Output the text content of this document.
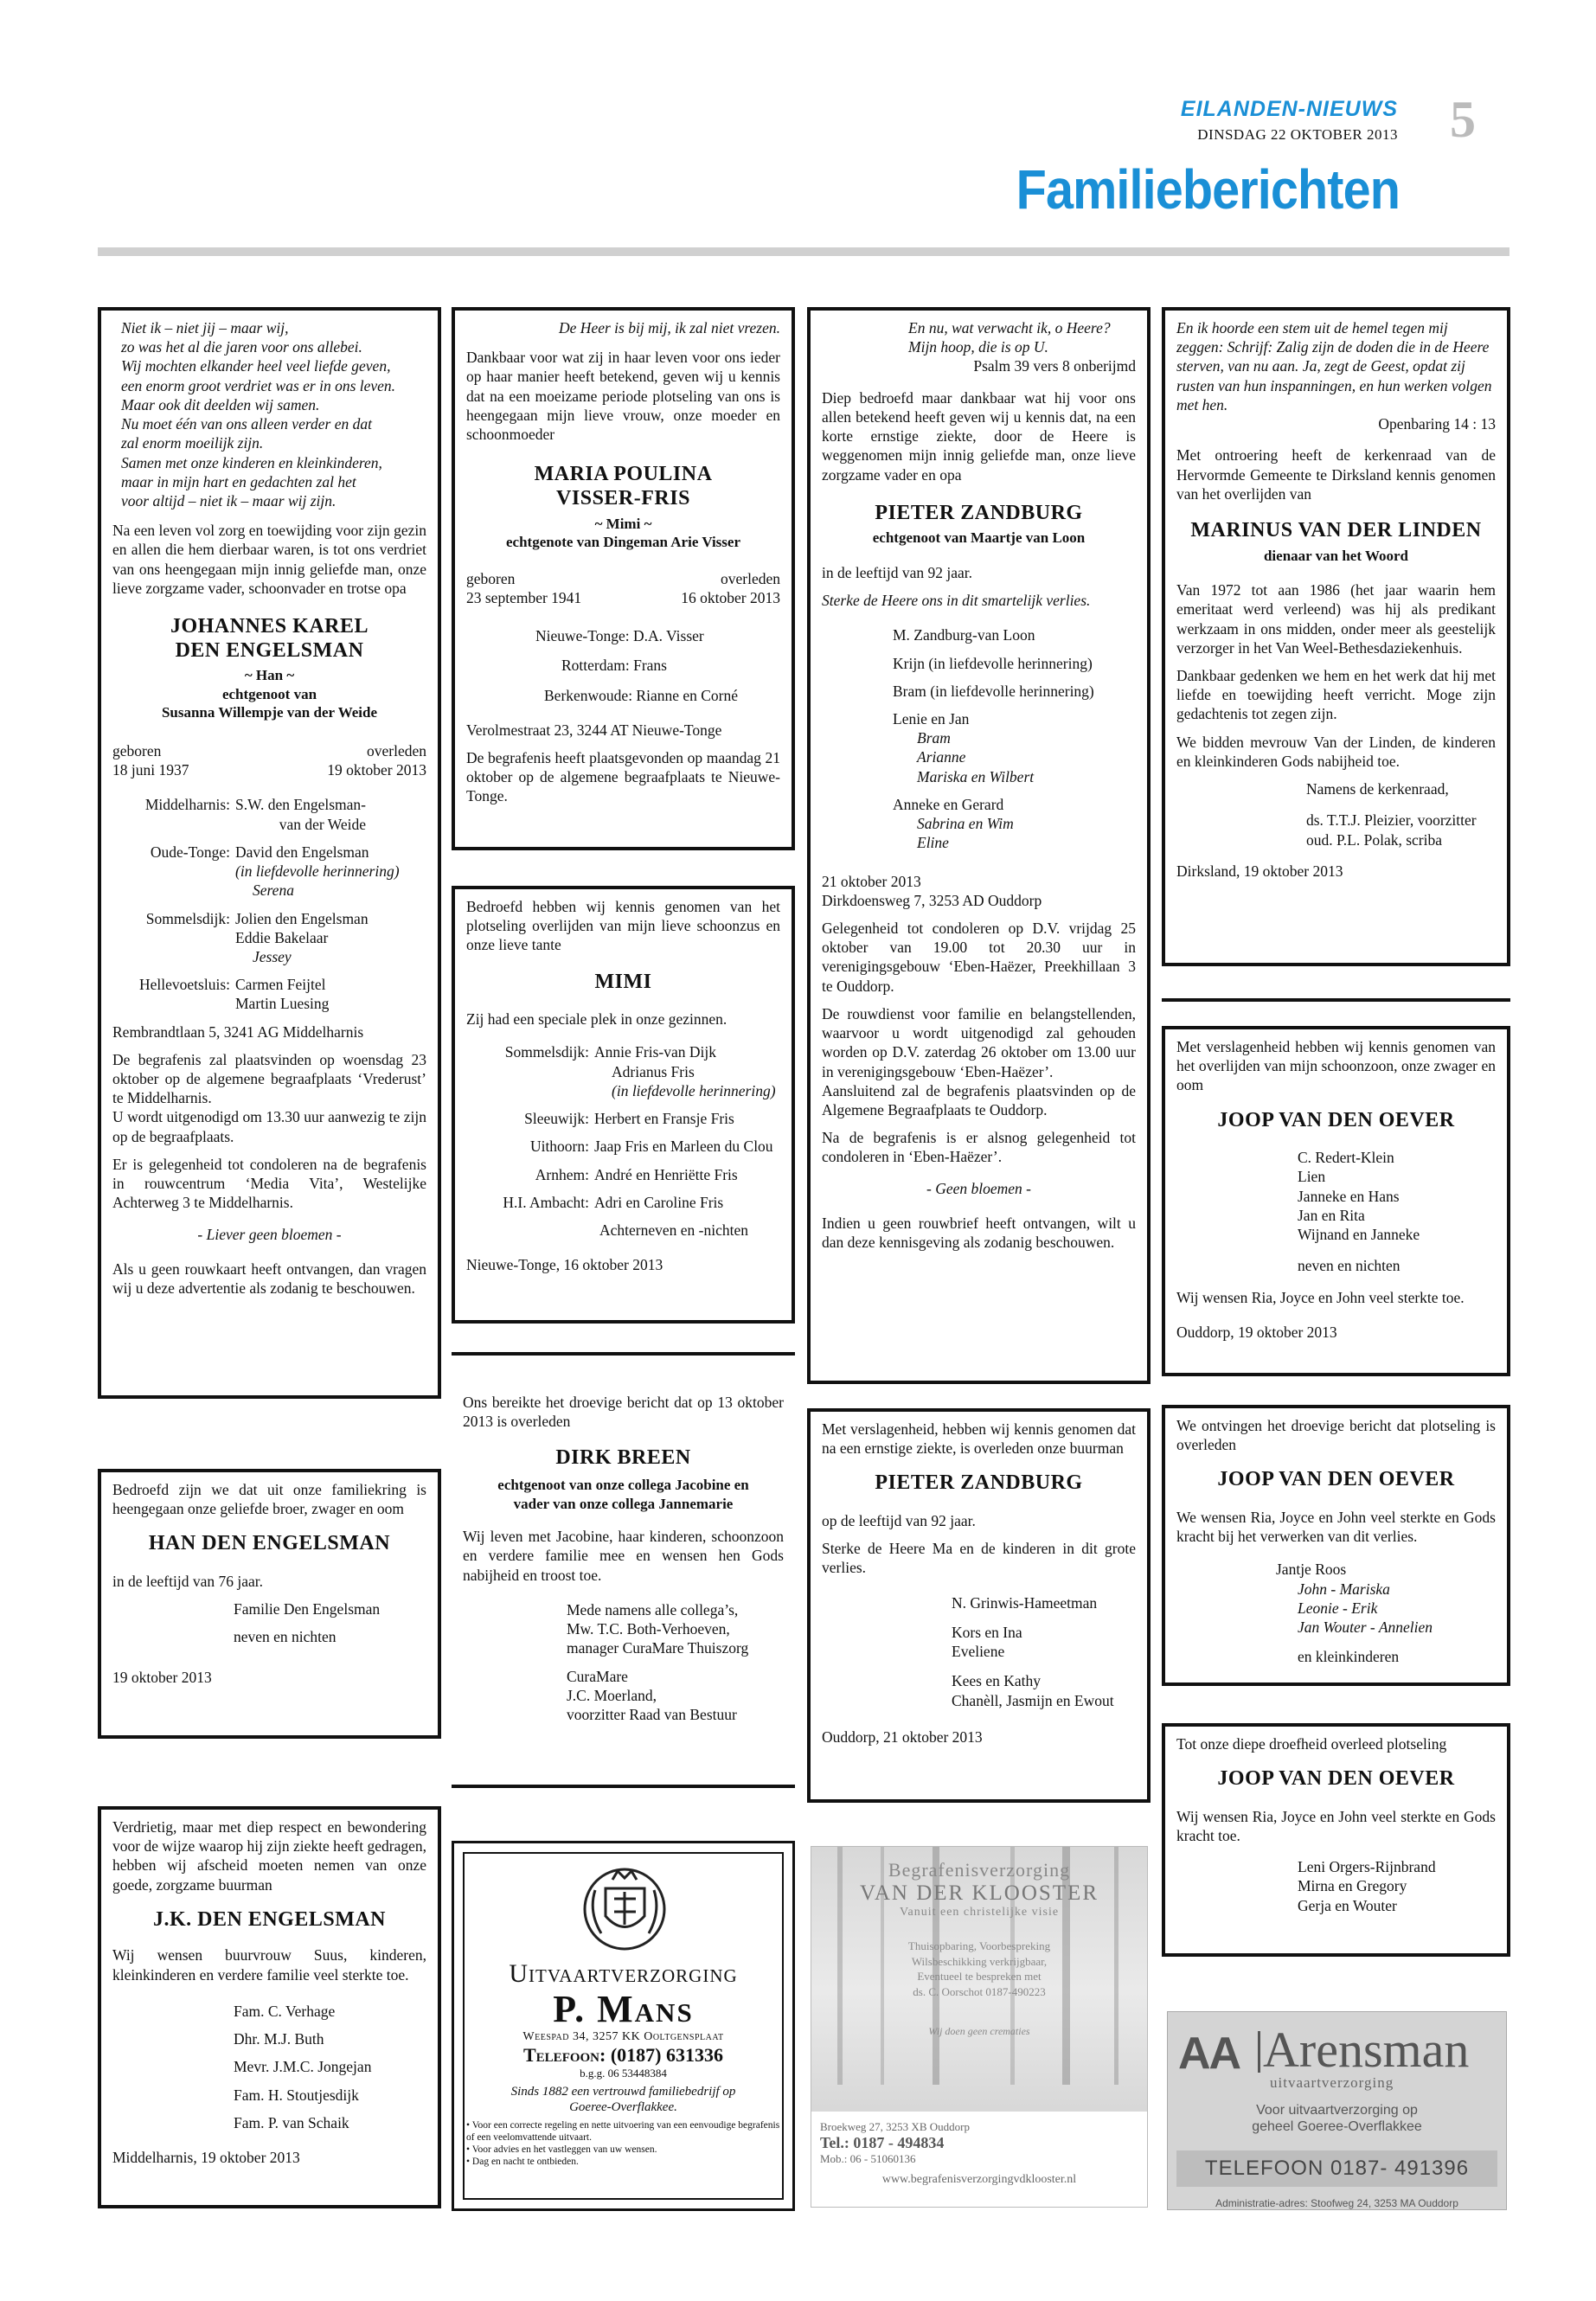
EILANDEN-NIEUWS
DINSDAG 22 OKTOBER 2013 5
Familieberichten
Niet ik – niet jij – maar wij,
zo was het al die jaren voor ons allebei.
Wij mochten elkander heel veel liefde geven,
een enorm groot verdriet was er in ons leven.
Maar ook dit deelden wij samen.
Nu moet één van ons alleen verder en dat
zal enorm moeilijk zijn.
Samen met onze kinderen en kleinkinderen,
maar in mijn hart en gedachten zal het
voor altijd – niet ik – maar wij zijn.

Na een leven vol zorg en toewijding voor zijn gezin en allen die hem dierbaar waren, is tot ons verdriet van ons heengegaan mijn innig geliefde man, onze lieve zorgzame vader, schoonvader en trotse opa

JOHANNES KAREL
DEN ENGELSMAN
~ Han ~
echtgenoot van
Susanna Willempje van der Weide
geboren	overleden
18 juni 1937	19 oktober 2013
Middelharnis: S.W. den Engelsman-
van der Weide
Oude-Tonge: David den Engelsman
(in liefdevolle herinnering)
Serena
Sommelsdijk: Jolien den Engelsman
Eddie Bakelaar
Jessey
Hellevoetsluis: Carmen Feijtel
Martin Luesing

Rembrandtlaan 5, 3241 AG Middelharnis

De begrafenis zal plaatsvinden op woensdag 23 oktober op de algemene begraafplaats ‘Vrederust’ te Middelharnis.

U wordt uitgenodigd om 13.30 uur aanwezig te zijn op de begraafplaats.

Er is gelegenheid tot condoleren na de begrafenis in rouwcentrum ‘Media Vita’, Westelijke Achterweg 3 te Middelharnis.

- Liever geen bloemen -

Als u geen rouwkaart heeft ontvangen, dan vragen wij u deze advertentie als zodanig te beschouwen.

Bedroefd zijn we dat uit onze familiekring is heengegaan onze geliefde broer, zwager en oom

HAN DEN ENGELSMAN

in de leeftijd van 76 jaar.

Familie Den Engelsman
neven en nichten
19 oktober 2013

Verdrietig, maar met diep respect en bewondering voor de wijze waarop hij zijn ziekte heeft gedragen, hebben wij afscheid moeten nemen van onze goede, zorgzame buurman

J.K. DEN ENGELSMAN

Wij wensen buurvrouw Suus, kinderen, kleinkinderen en verdere familie veel sterkte toe.

Fam. C. Verhage
Dhr. M.J. Buth
Mevr. J.M.C. Jongejan
Fam. H. Stoutjesdijk
Fam. P. van Schaik
Middelharnis, 19 oktober 2013
De Heer is bij mij, ik zal niet vrezen.

Dankbaar voor wat zij in haar leven voor ons ieder op haar manier heeft betekend, geven wij u kennis dat na een moeizame periode plotseling van ons is heengegaan mijn lieve vrouw, onze moeder en schoonmoeder

MARIA POULINA
VISSER-FRIS
~ Mimi ~
echtgenote van Dingeman Arie Visser
geboren	overleden
23 september 1941	16 oktober 2013
Nieuwe-Tonge: D.A. Visser
Rotterdam: Frans
Berkenwoude: Rianne en Corné

Verolmestraat 23, 3244 AT Nieuwe-Tonge

De begrafenis heeft plaatsgevonden op maandag 21 oktober op de algemene begraafplaats te Nieuwe-Tonge.

Bedroefd hebben wij kennis genomen van het plotseling overlijden van mijn lieve schoonzus en onze lieve tante

MIMI

Zij had een speciale plek in onze gezinnen.

Sommelsdijk: Annie Fris-van Dijk
Adrianus Fris
(in liefdevolle herinnering)
Sleeuwijk: Herbert en Fransje Fris
Uithoorn: Jaap Fris en Marleen du Clou
Arnhem: André en Henriëtte Fris
H.I. Ambacht: Adri en Caroline Fris
Achterneven en -nichten
Nieuwe-Tonge, 16 oktober 2013

Ons bereikte het droevige bericht dat op 13 oktober 2013 is overleden

DIRK BREEN
echtgenoot van onze collega Jacobine en
vader van onze collega Jannemarie

Wij leven met Jacobine, haar kinderen, schoonzoon en verdere familie mee en wensen hen Gods nabijheid en troost toe.

Mede namens alle collega’s,
Mw. T.C. Both-Verhoeven,
manager CuraMare Thuiszorg
CuraMare
J.C. Moerland,
voorzitter Raad van Bestuur
En nu, wat verwacht ik, o Heere?
Mijn hoop, die is op U.
Psalm 39 vers 8 onberijmd

Diep bedroefd maar dankbaar wat hij voor ons allen betekend heeft geven wij u kennis dat, na een korte ernstige ziekte, door de Heere is weggenomen mijn innig geliefde man, onze lieve zorgzame vader en opa

PIETER ZANDBURG
echtgenoot van Maartje van Loon

in de leeftijd van 92 jaar.

Sterke de Heere ons in dit smartelijk verlies.

M. Zandburg-van Loon
Krijn (in liefdevolle herinnering)
Bram (in liefdevolle herinnering)
Lenie en Jan
Bram
Arianne
Mariska en Wilbert
Anneke en Gerard
Sabrina en Wim
Eline
21 oktober 2013

Dirkdoensweg 7, 3253 AD Ouddorp

Gelegenheid tot condoleren op D.V. vrijdag 25 oktober van 19.00 tot 20.30 uur in verenigingsgebouw ‘Eben-Haëzer, Preekhillaan 3 te Ouddorp.

De rouwdienst voor familie en belangstellenden, waarvoor u wordt uitgenodigd zal gehouden worden op D.V. zaterdag 26 oktober om 13.00 uur in verenigingsgebouw ‘Eben-Haëzer’.

Aansluitend zal de begrafenis plaatsvinden op de Algemene Begraafplaats te Ouddorp.

Na de begrafenis is er alsnog gelegenheid tot condoleren in ‘Eben-Haëzer’.

- Geen bloemen -

Indien u geen rouwbrief heeft ontvangen, wilt u dan deze kennisgeving als zodanig beschouwen.

Met verslagenheid, hebben wij kennis genomen dat na een ernstige ziekte, is overleden onze buurman

PIETER ZANDBURG

op de leeftijd van 92 jaar.

Sterke de Heere Ma en de kinderen in dit grote verlies.

N. Grinwis-Hameetman
Kors en Ina
Eveliene
Kees en Kathy
Chanèll, Jasmijn en Ewout
Ouddorp, 21 oktober 2013
En ik hoorde een stem uit de hemel tegen mij zeggen: Schrijf: Zalig zijn de doden die in de Heere sterven, van nu aan. Ja, zegt de Geest, opdat zij rusten van hun inspanningen, en hun werken volgen met hen.
Openbaring 14 : 13

Met ontroering heeft de kerkenraad van de Hervormde Gemeente te Dirksland kennis genomen van het overlijden van

MARINUS VAN DER LINDEN
dienaar van het Woord

Van 1972 tot aan 1986 (het jaar waarin hem emeritaat werd verleend) was hij als predikant werkzaam in ons midden, onder meer als geestelijk verzorger in het Van Weel-Bethesdaziekenhuis.

Dankbaar gedenken we hem en het werk dat hij met liefde en toewijding heeft verricht. Moge zijn gedachtenis tot zegen zijn.

We bidden mevrouw Van der Linden, de kinderen en kleinkinderen Gods nabijheid toe.

Namens de kerkenraad,
ds. T.T.J. Pleizier, voorzitter
oud. P.L. Polak, scriba
Dirksland, 19 oktober 2013

Met verslagenheid hebben wij kennis genomen van het overlijden van mijn schoonzoon, onze zwager en oom

JOOP VAN DEN OEVER
C. Redert-Klein
Lien
Janneke en Hans
Jan en Rita
Wijnand en Janneke
neven en nichten

Wij wensen Ria, Joyce en John veel sterkte toe.

Ouddorp, 19 oktober 2013

We ontvingen het droevige bericht dat plotseling is overleden

JOOP VAN DEN OEVER

We wensen Ria, Joyce en John veel sterkte en Gods kracht bij het verwerken van dit verlies.

Jantje Roos
John - Mariska
Leonie - Erik
Jan Wouter - Annelien
en kleinkinderen

Tot onze diepe droefheid overleed plotseling

JOOP VAN DEN OEVER

Wij wensen Ria, Joyce en John veel sterkte en Gods kracht toe.

Leni Orgers-Rijnbrand
Mirna en Gregory
Gerja en Wouter
Uitvaartverzorging
P. Mans
Weespad 34, 3257 KK Ooltgensplaat
Telefoon: (0187) 631336
b.g.g. 06 53448384
Sinds 1882 een vertrouwd familiebedrijf op
Goeree-Overflakkee.
• Voor een correcte regeling en nette uitvoering van een eenvoudige begrafenis of een veelomvattende uitvaart.
• Voor advies en het vastleggen van uw wensen.
• Dag en nacht te ontbieden.
Begrafenisverzorging
VAN DER KLOOSTER
Vanuit een christelijke visie
Thuisopbaring, Voorbespreking
Wilsbeschikking verkrijgbaar,
Eventueel te bespreken met
ds. C. Oorschot 0187-490223
Wij doen geen crematies
Broekweg 27, 3253 XB Ouddorp
Tel.: 0187 - 494834
Mob.: 06 - 51060136
www.begrafenisverzorgingvdklooster.nl
AA Arensman
uitvaartverzorging
Voor uitvaartverzorging op
geheel Goeree-Overflakkee
TELEFOON 0187- 491396
Administratie-adres: Stoofweg 24, 3253 MA Ouddorp
